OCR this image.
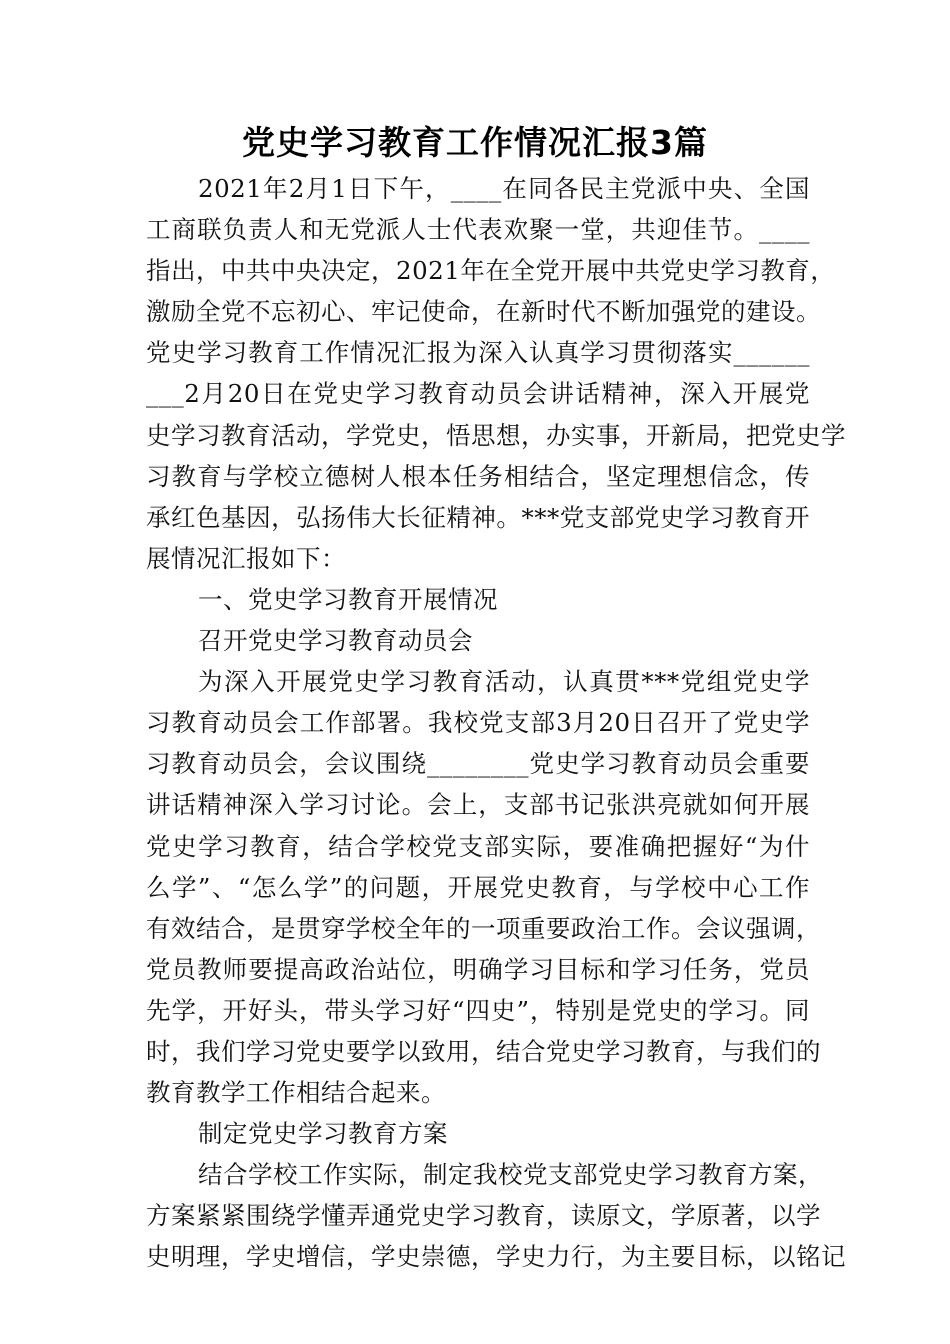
党史学习教育工作情况汇报3篇
2021年2月1日下午，____在同各民主党派中央、全国
工商联负责人和无党派人士代表欢聚一堂，共迎佳节。____
指出，中共中央决定，2021年在全党开展中共党史学习教育，
激励全党不忘初心、牢记使命，在新时代不断加强党的建设。
党史学习教育工作情况汇报为深入认真学习贯彻落实______
___2月20日在党史学习教育动员会讲话精神，深入开展党
史学习教育活动，学党史，悟思想，办实事，开新局，把党史学
习教育与学校立德树人根本任务相结合，坚定理想信念，传
承红色基因，弘扬伟大长征精神。***党支部党史学习教育开
展情况汇报如下：
一、党史学习教育开展情况
召开党史学习教育动员会
为深入开展党史学习教育活动，认真贯***党组党史学
习教育动员会工作部署。我校党支部3月20日召开了党史学
习教育动员会，会议围绕________党史学习教育动员会重要
讲话精神深入学习讨论。会上，支部书记张洪亮就如何开展
党史学习教育，结合学校党支部实际，要准确把握好“为什
么学”、“怎么学”的问题，开展党史教育，与学校中心工作
有效结合，是贯穿学校全年的一项重要政治工作。会议强调，
党员教师要提高政治站位，明确学习目标和学习任务，党员
先学，开好头，带头学习好“四史”，特别是党史的学习。同
时，我们学习党史要学以致用，结合党史学习教育，与我们的
教育教学工作相结合起来。
制定党史学习教育方案
结合学校工作实际，制定我校党支部党史学习教育方案，
方案紧紧围绕学懂弄通党史学习教育，读原文，学原著，以学
史明理，学史增信，学史崇德，学史力行，为主要目标，以铭记
